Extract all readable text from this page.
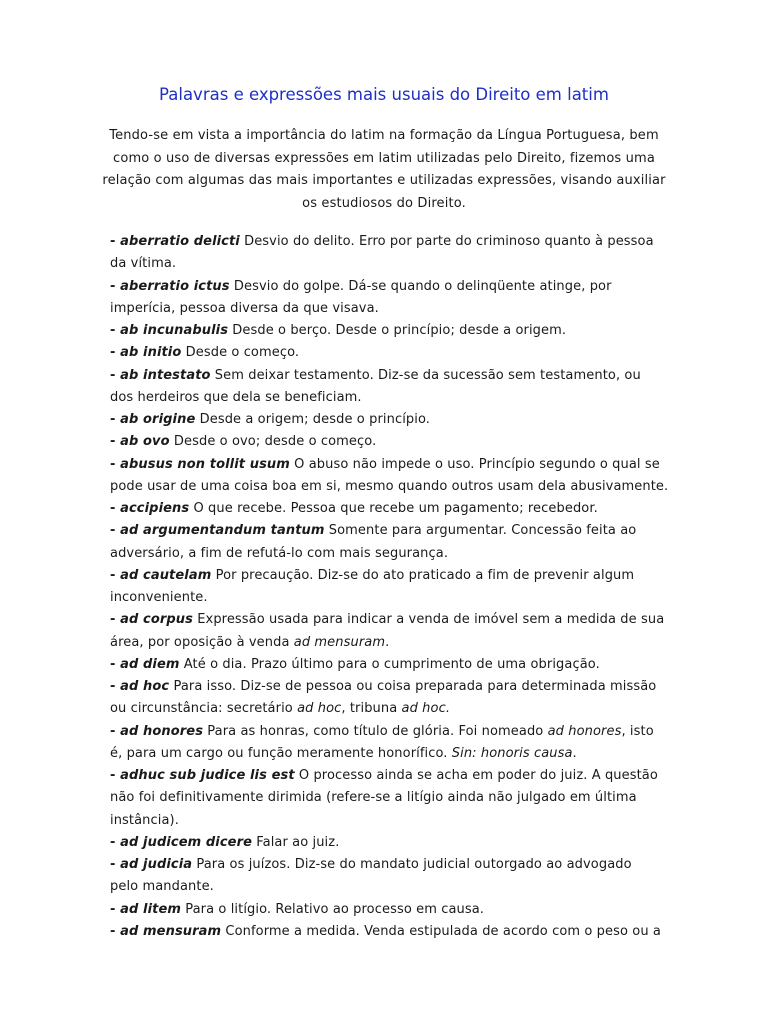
Palavras e expressões mais usuais do Direito em latim
Tendo-se em vista a importância do latim na formação da Língua Portuguesa, bem
como o uso de diversas expressões em latim utilizadas pelo Direito, fizemos uma
relação com algumas das mais importantes e utilizadas expressões, visando auxiliar
os estudiosos do Direito.
- aberratio delicti Desvio do delito. Erro por parte do criminoso quanto à pessoa
da vítima.
- aberratio ictus Desvio do golpe. Dá-se quando o delinqüente atinge, por
imperícia, pessoa diversa da que visava.
- ab incunabulis Desde o berço. Desde o princípio; desde a origem.
- ab initio Desde o começo.
- ab intestato Sem deixar testamento. Diz-se da sucessão sem testamento, ou
dos herdeiros que dela se beneficiam.
- ab origine Desde a origem; desde o princípio.
- ab ovo Desde o ovo; desde o começo.
- abusus non tollit usum O abuso não impede o uso. Princípio segundo o qual se
pode usar de uma coisa boa em si, mesmo quando outros usam dela abusivamente.
- accipiens O que recebe. Pessoa que recebe um pagamento; recebedor.
- ad argumentandum tantum Somente para argumentar. Concessão feita ao
adversário, a fim de refutá-lo com mais segurança.
- ad cautelam Por precaução. Diz-se do ato praticado a fim de prevenir algum
inconveniente.
- ad corpus Expressão usada para indicar a venda de imóvel sem a medida de sua
área, por oposição à venda ad mensuram.
- ad diem Até o dia. Prazo último para o cumprimento de uma obrigação.
- ad hoc Para isso. Diz-se de pessoa ou coisa preparada para determinada missão
ou circunstância: secretário ad hoc, tribuna ad hoc.
- ad honores Para as honras, como título de glória. Foi nomeado ad honores, isto
é, para um cargo ou função meramente honorífico. Sin: honoris causa.
- adhuc sub judice lis est O processo ainda se acha em poder do juiz. A questão
não foi definitivamente dirimida (refere-se a litígio ainda não julgado em última
instância).
- ad judicem dicere Falar ao juiz.
- ad judicia Para os juízos. Diz-se do mandato judicial outorgado ao advogado
pelo mandante.
- ad litem Para o litígio. Relativo ao processo em causa.
- ad mensuram Conforme a medida. Venda estipulada de acordo com o peso ou a
